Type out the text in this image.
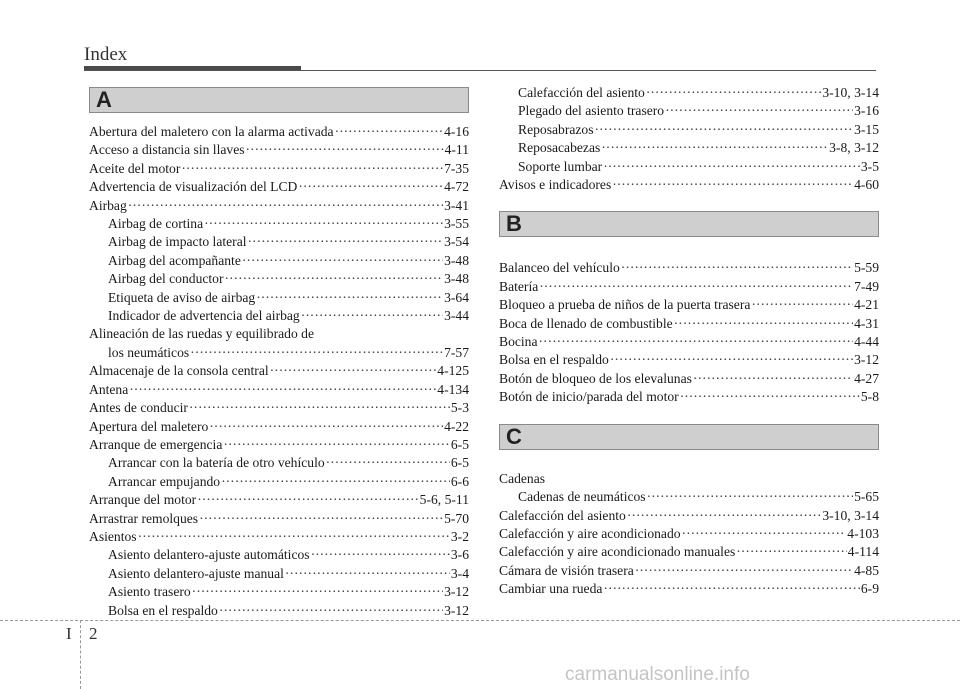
Index
A
Abertura del maletero con la alarma activada ·····	4-16
Acceso a distancia sin llaves ·····	4-11
Aceite del motor ·····	7-35
Advertencia de visualización del LCD ·····	4-72
Airbag ·····	3-41
Airbag de cortina ·····	3-55
Airbag de impacto lateral ·····	3-54
Airbag del acompañante ·····	3-48
Airbag del conductor ·····	3-48
Etiqueta de aviso de airbag ·····	3-64
Indicador de advertencia del airbag ·····	3-44
Alineación de las ruedas y equilibrado de
los neumáticos ·····	7-57
Almacenaje de la consola central ·····	4-125
Antena ·····	4-134
Antes de conducir ·····	5-3
Apertura del maletero ·····	4-22
Arranque de emergencia ·····	6-5
Arrancar con la batería de otro vehículo ·····	6-5
Arrancar empujando ·····	6-6
Arranque del motor ·····	5-6, 5-11
Arrastrar remolques ·····	5-70
Asientos ·····	3-2
Asiento delantero-ajuste automáticos ·····	3-6
Asiento delantero-ajuste manual ·····	3-4
Asiento trasero ·····	3-12
Bolsa en el respaldo ·····	3-12
Calefacción del asiento ·····	3-10, 3-14
Plegado del asiento trasero ·····	3-16
Reposabrazos ·····	3-15
Reposacabezas ·····	3-8, 3-12
Soporte lumbar ·····	3-5
Avisos e indicadores ·····	4-60
B
Balanceo del vehículo ·····	5-59
Batería ·····	7-49
Bloqueo a prueba de niños de la puerta trasera ·····	4-21
Boca de llenado de combustible ·····	4-31
Bocina ·····	4-44
Bolsa en el respaldo ·····	3-12
Botón de bloqueo de los elevalunas ·····	4-27
Botón de inicio/parada del motor ·····	5-8
C
Cadenas
Cadenas de neumáticos ·····	5-65
Calefacción del asiento ·····	3-10, 3-14
Calefacción y aire acondicionado ·····	4-103
Calefacción y aire acondicionado manuales ·····	4-114
Cámara de visión trasera ·····	4-85
Cambiar una rueda ·····	6-9
I 2
carmanualsonline.info
